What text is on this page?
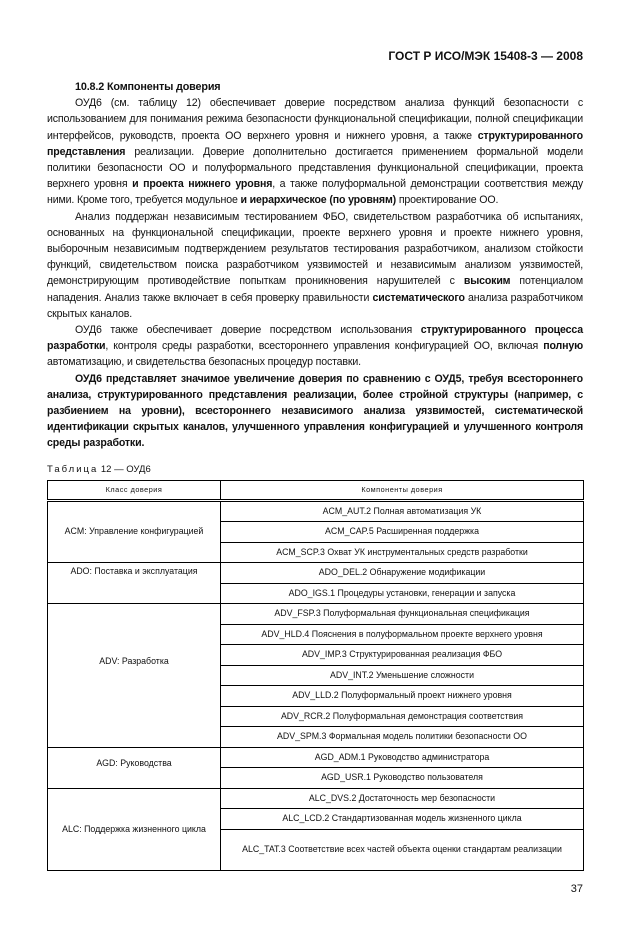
ГОСТ Р ИСО/МЭК 15408-3 — 2008
10.8.2 Компоненты доверия

ОУД6 (см. таблицу 12) обеспечивает доверие посредством анализа функций безопасности с использованием для понимания режима безопасности функциональной спецификации, полной спецификации интерфейсов, руководств, проекта ОО верхнего уровня и нижнего уровня, а также структурированного представления реализации. Доверие дополнительно достигается применением формальной модели политики безопасности ОО и полуформального представления функциональной спецификации, проекта верхнего уровня и проекта нижнего уровня, а также полуформальной демонстрации соответствия между ними. Кроме того, требуется модульное и иерархическое (по уровням) проектирование ОО.

Анализ поддержан независимым тестированием ФБО, свидетельством разработчика об испытаниях, основанных на функциональной спецификации, проекте верхнего уровня и проекте нижнего уровня, выборочным независимым подтверждением результатов тестирования разработчиком, анализом стойкости функций, свидетельством поиска разработчиком уязвимостей и независимым анализом уязвимостей, демонстрирующим противодействие попыткам проникновения нарушителей с высоким потенциалом нападения. Анализ также включает в себя проверку правильности систематического анализа разработчиком скрытых каналов.

ОУД6 также обеспечивает доверие посредством использования структурированного процесса разработки, контроля среды разработки, всестороннего управления конфигурацией ОО, включая полную автоматизацию, и свидетельства безопасных процедур поставки.

ОУД6 представляет значимое увеличение доверия по сравнению с ОУД5, требуя всестороннего анализа, структурированного представления реализации, более стройной структуры (например, с разбиением на уровни), всестороннего независимого анализа уязвимостей, систематической идентификации скрытых каналов, улучшенного управления конфигурацией и улучшенного контроля среды разработки.

Таблица 12 — ОУД6
Класс доверия	Компоненты доверия
ACM: Управление конфигурацией	ACM_AUT.2 Полная автоматизация УК
	ACM_CAP.5 Расширенная поддержка
	ACM_SCP.3 Охват УК инструментальных средств разработки
ADO: Поставка и эксплуатация	ADO_DEL.2 Обнаружение модификации
	ADO_IGS.1 Процедуры установки, генерации и запуска
ADV: Разработка	ADV_FSP.3 Полуформальная функциональная спецификация
	ADV_HLD.4 Пояснения в полуформальном проекте верхнего уровня
	ADV_IMP.3 Структурированная реализация ФБО
	ADV_INT.2 Уменьшение сложности
	ADV_LLD.2 Полуформальный проект нижнего уровня
	ADV_RCR.2 Полуформальная демонстрация соответствия
	ADV_SPM.3 Формальная модель политики безопасности ОО
AGD: Руководства	AGD_ADM.1 Руководство администратора
	AGD_USR.1 Руководство пользователя
ALC: Поддержка жизненного цикла	ALC_DVS.2 Достаточность мер безопасности
	ALC_LCD.2 Стандартизованная модель жизненного цикла
	ALC_TAT.3 Соответствие всех частей объекта оценки стандартам реализации
37
